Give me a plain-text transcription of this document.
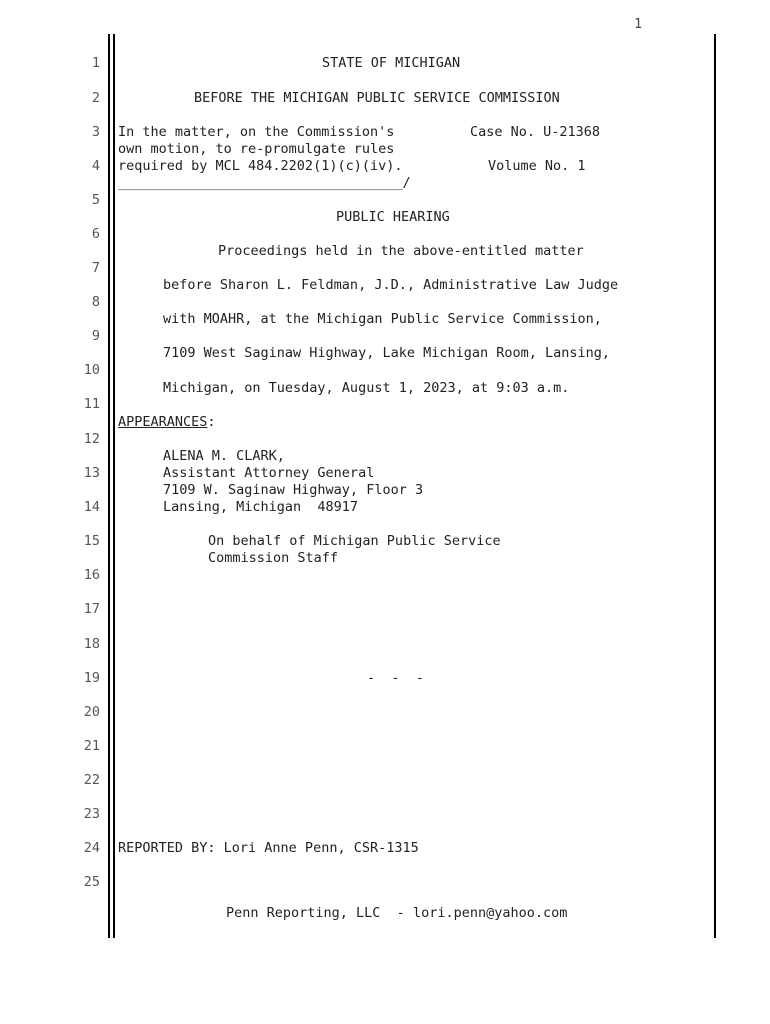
1
1
2
3
4
5
6
7
8
9
10
11
12
13
14
15
16
17
18
19
20
21
22
23
24
25
STATE OF MICHIGAN
BEFORE THE MICHIGAN PUBLIC SERVICE COMMISSION
In the matter, on the Commission's	Case No. U-21368
own motion, to re-promulgate rules
required by MCL 484.2202(1)(c)(iv).	Volume No. 1
___________________________________/
PUBLIC HEARING
Proceedings held in the above-entitled matter
before Sharon L. Feldman, J.D., Administrative Law Judge
with MOAHR, at the Michigan Public Service Commission,
7109 West Saginaw Highway, Lake Michigan Room, Lansing,
Michigan, on Tuesday, August 1, 2023, at 9:03 a.m.
APPEARANCES:
ALENA M. CLARK,
Assistant Attorney General
7109 W. Saginaw Highway, Floor 3
Lansing, Michigan  48917
On behalf of Michigan Public Service
Commission Staff
-  -  -
REPORTED BY: Lori Anne Penn, CSR-1315
Penn Reporting, LLC  - lori.penn@yahoo.com
